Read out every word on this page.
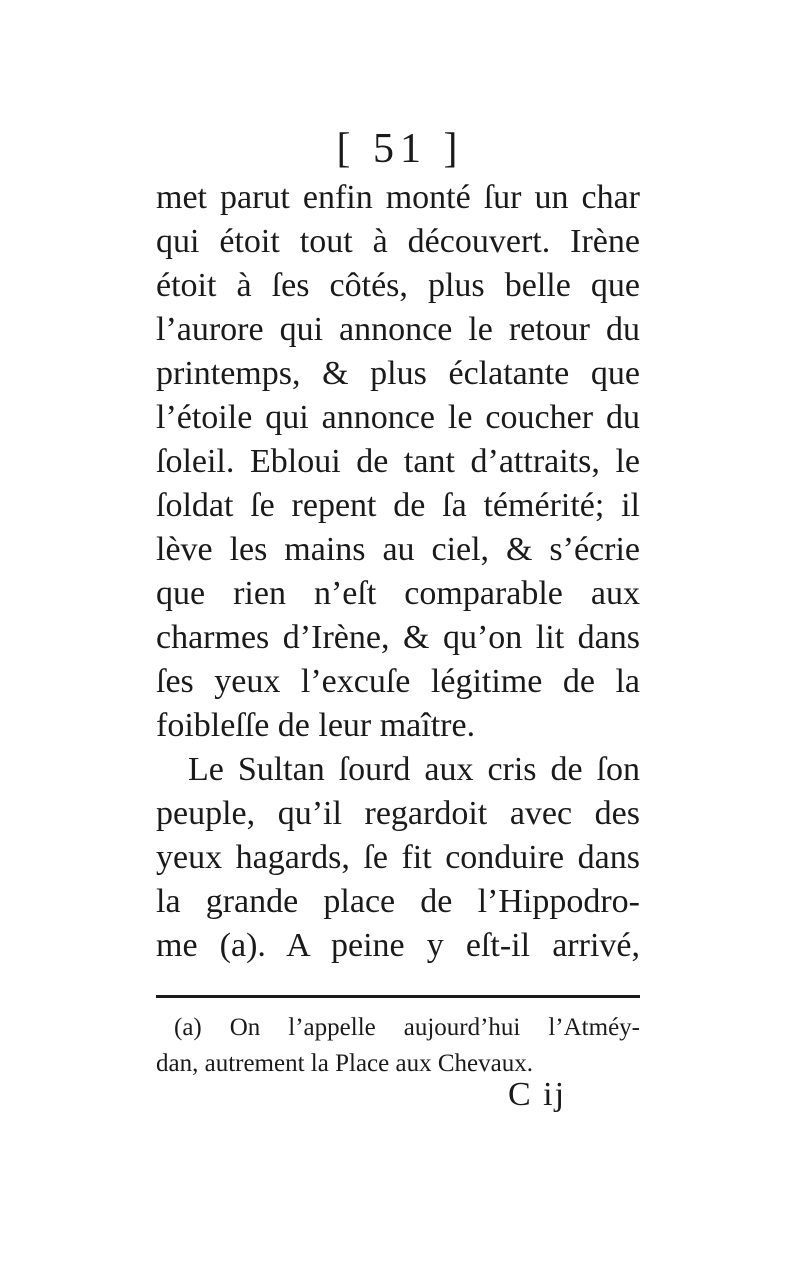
[ 51 ]
met parut enfin monté ſur un char
qui étoit tout à découvert. Irène
étoit à ſes côtés, plus belle que
l’aurore qui annonce le retour du
printemps, & plus éclatante que
l’étoile qui annonce le coucher du
ſoleil. Ebloui de tant d’attraits, le
ſoldat ſe repent de ſa témérité; il
lève les mains au ciel, & s’écrie
que rien n’eſt comparable aux
charmes d’Irène, & qu’on lit dans
ſes yeux l’excuſe légitime de la
foibleſſe de leur maître.
Le Sultan ſourd aux cris de ſon
peuple, qu’il regardoit avec des
yeux hagards, ſe fit conduire dans
la grande place de l’Hippodro-
me (a). A peine y eſt-il arrivé,
(a) On l’appelle aujourd’hui l’Atméy-
dan, autrement la Place aux Chevaux.
C ij
